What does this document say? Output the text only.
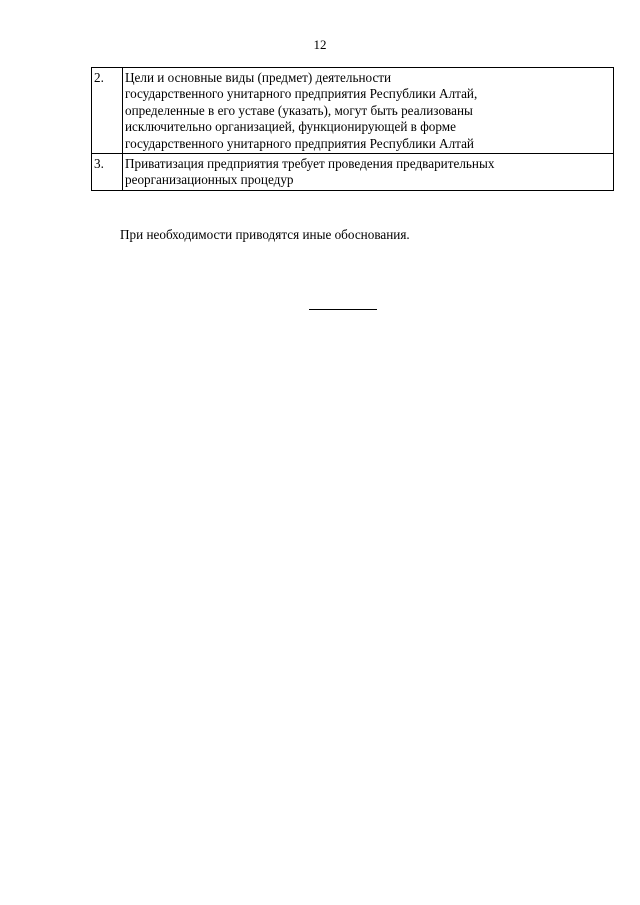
12
2.	Цели и основные виды (предмет) деятельности
государственного унитарного предприятия Республики Алтай,
определенные в его уставе (указать), могут быть реализованы
исключительно организацией, функционирующей в форме
государственного унитарного предприятия Республики Алтай

3.	Приватизация предприятия требует проведения предварительных
реорганизационных процедур
При необходимости приводятся иные обоснования.
